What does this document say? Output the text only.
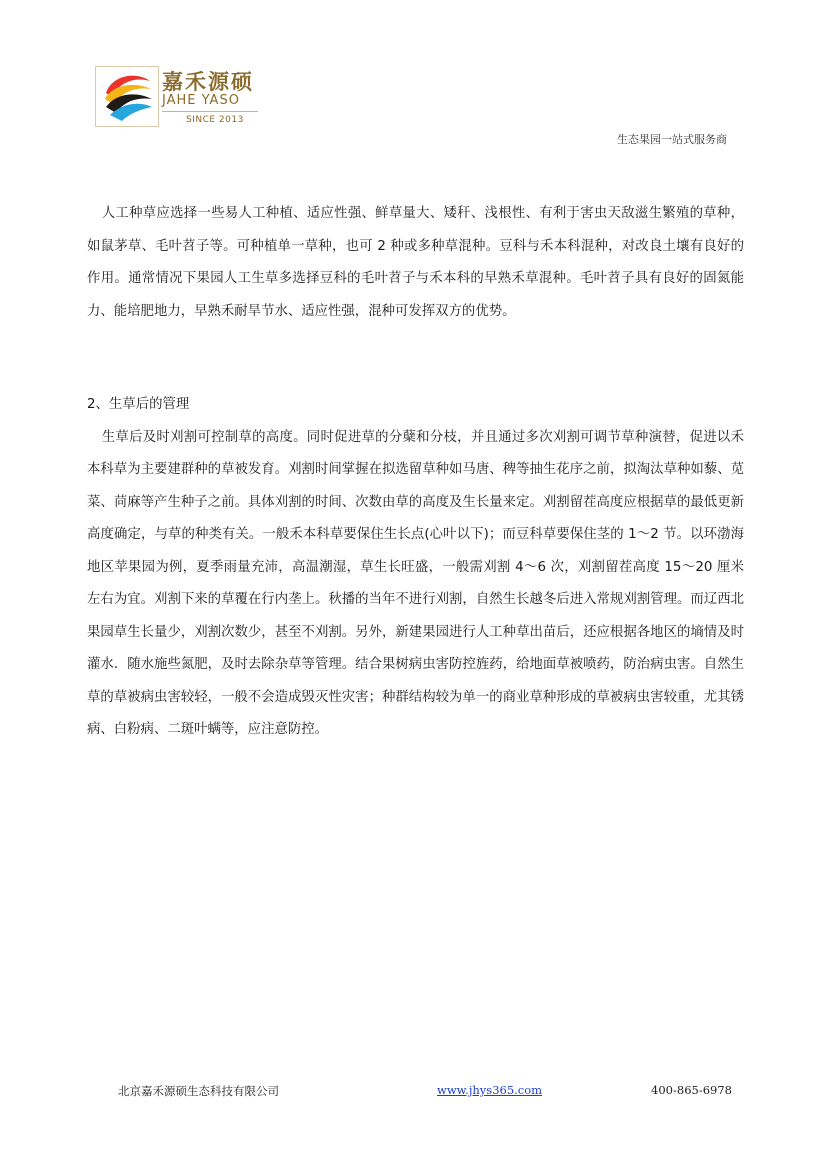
嘉禾源硕
JAHE YASO
SINCE 2013
生态果园一站式服务商

人工种草应选择一些易人工种植、适应性强、鲜草量大、矮秆、浅根性、有利于害虫天敌滋生繁殖的草种，如鼠茅草、毛叶苕子等。可种植单一草种，也可 2 种或多种草混种。豆科与禾本科混种，对改良土壤有良好的作用。通常情况下果园人工生草多选择豆科的毛叶苕子与禾本科的早熟禾草混种。毛叶苕子具有良好的固氮能力、能培肥地力，早熟禾耐旱节水、适应性强，混种可发挥双方的优势。

2、生草后的管理

生草后及时刈割可控制草的高度。同时促进草的分蘖和分枝，并且通过多次刈割可调节草种演替，促进以禾本科草为主要建群种的草被发育。刈割时间掌握在拟选留草种如马唐、稗等抽生花序之前，拟淘汰草种如藜、苋菜、苘麻等产生种子之前。具体刈割的时间、次数由草的高度及生长量来定。刈割留茬高度应根据草的最低更新高度确定，与草的种类有关。一般禾本科草要保住生长点(心叶以下)；而豆科草要保住茎的 1～2 节。以环渤海地区苹果园为例，夏季雨量充沛，高温潮湿，草生长旺盛，一般需刈割 4～6 次，刈割留茬高度 15～20 厘米左右为宜。刈割下来的草覆在行内垄上。秋播的当年不进行刈割，自然生长越冬后进入常规刈割管理。而辽西北果园草生长量少，刈割次数少，甚至不刈割。另外，新建果园进行人工种草出苗后，还应根据各地区的墒情及时灌水．随水施些氮肥，及时去除杂草等管理。结合果树病虫害防控旌药，给地面草被喷药，防治病虫害。自然生草的草被病虫害较轻，一般不会造成毁灭性灾害；种群结构较为单一的商业草种形成的草被病虫害较重，尤其锈病、白粉病、二斑叶螨等，应注意防控。

北京嘉禾源硕生态科技有限公司	www.jhys365.com	400-865-6978
